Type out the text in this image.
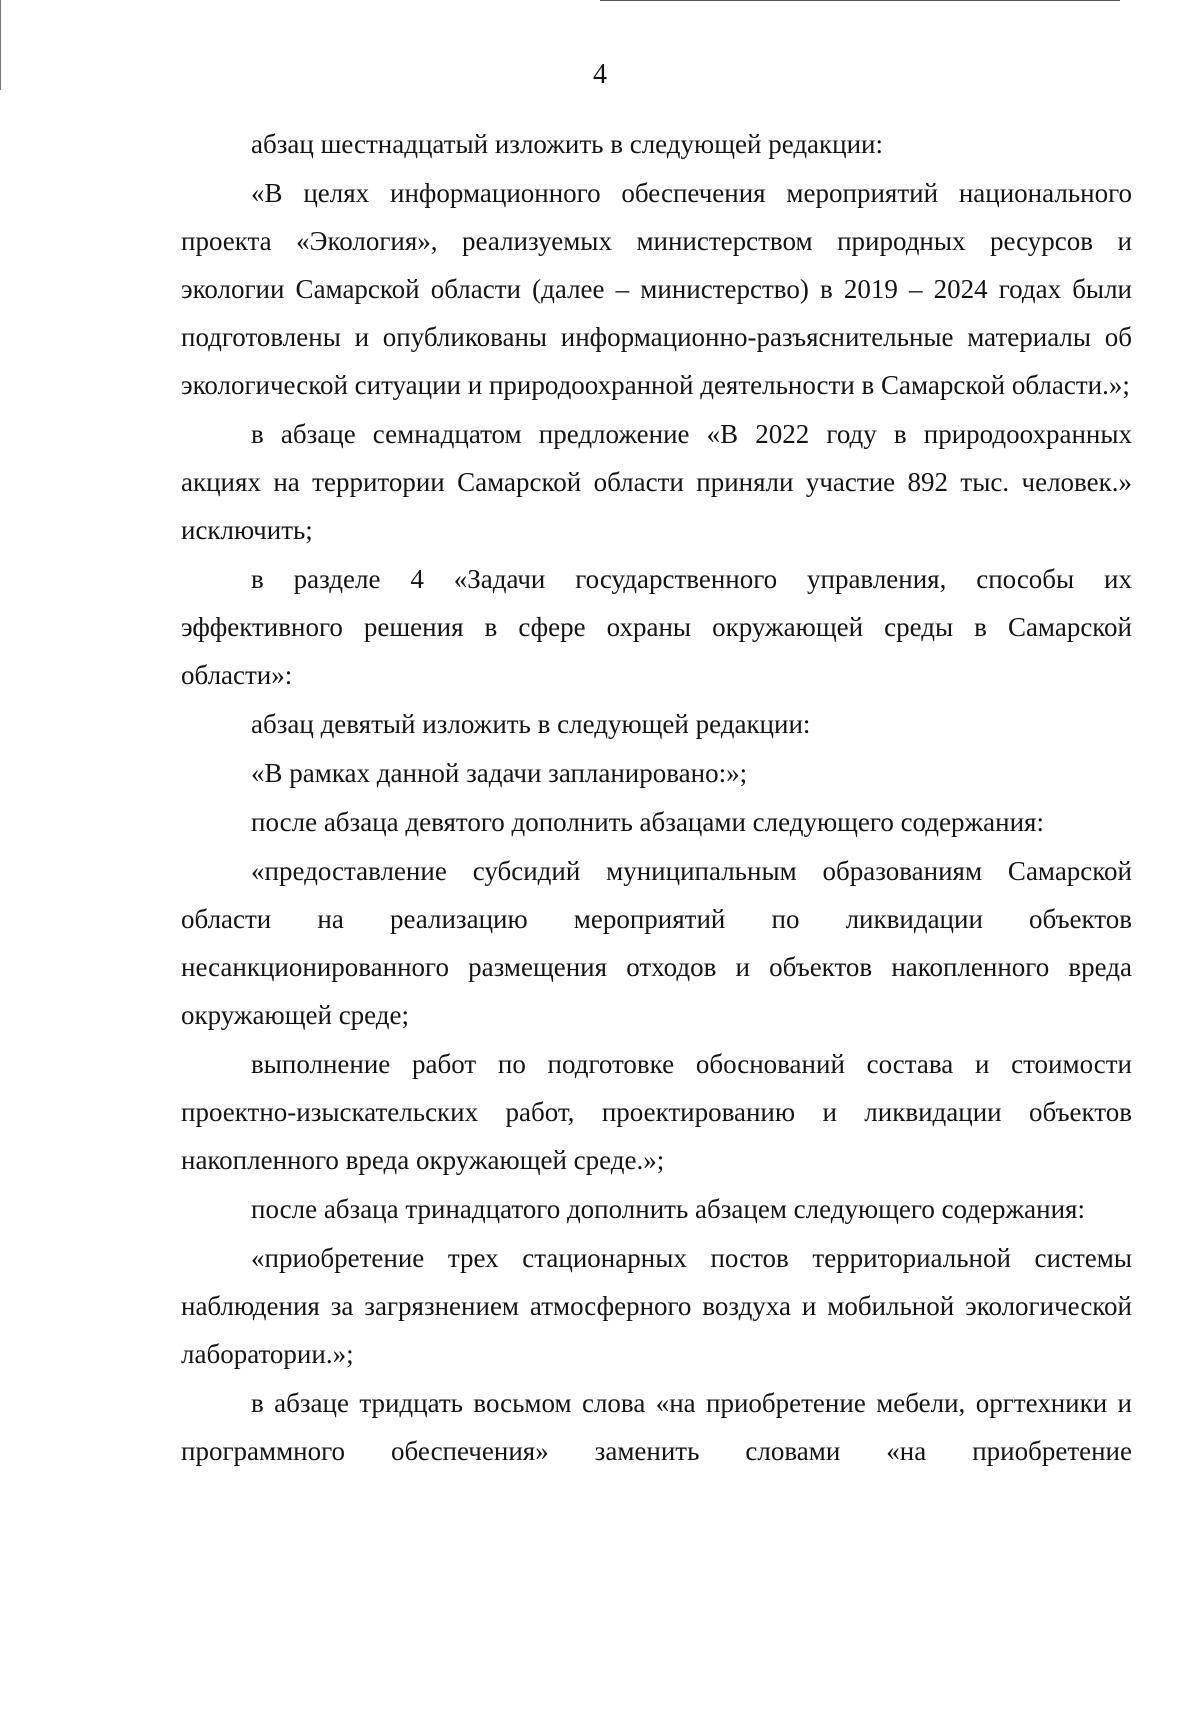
4

абзац шестнадцатый изложить в следующей редакции:

«В целях информационного обеспечения мероприятий национального проекта «Экология», реализуемых министерством природных ресурсов и экологии Самарской области (далее – министерство) в 2019 – 2024 годах были подготовлены и опубликованы информационно-разъяснительные материалы об экологической ситуации и природоохранной деятельности в Самарской области.»;

в абзаце семнадцатом предложение «В 2022 году в природоохранных акциях на территории Самарской области приняли участие 892 тыс. человек.» исключить;

в разделе 4 «Задачи государственного управления, способы их эффективного решения в сфере охраны окружающей среды в Самарской области»:

абзац девятый изложить в следующей редакции:

«В рамках данной задачи запланировано:»;

после абзаца девятого дополнить абзацами следующего содержания:

«предоставление субсидий муниципальным образованиям Самарской области на реализацию мероприятий по ликвидации объектов несанкционированного размещения отходов и объектов накопленного вреда окружающей среде;

выполнение работ по подготовке обоснований состава и стоимости проектно-изыскательских работ, проектированию и ликвидации объектов накопленного вреда окружающей среде.»;

после абзаца тринадцатого дополнить абзацем следующего содержания:

«приобретение трех стационарных постов территориальной системы наблюдения за загрязнением атмосферного воздуха и мобильной экологической лаборатории.»;

в абзаце тридцать восьмом слова «на приобретение мебели, оргтехники и программного обеспечения» заменить словами «на приобретение
